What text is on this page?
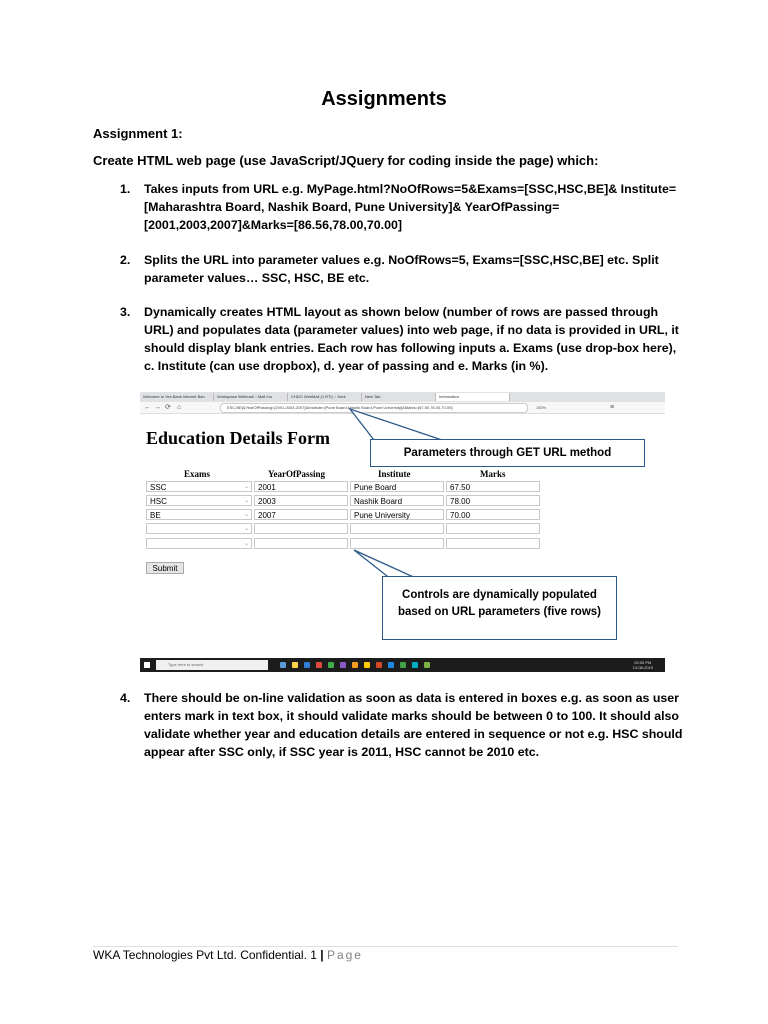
Assignments
Assignment 1:
Create HTML web page (use JavaScript/JQuery for coding inside the page) which:
1. Takes inputs from URL e.g. MyPage.html?NoOfRows=5&Exams=[SSC,HSC,BE]& Institute=[Maharashtra Board, Nashik Board, Pune University]& YearOfPassing=[2001,2003,2007]&Marks=[86.56,78.00,70.00]
2. Splits the URL into parameter values e.g. NoOfRows=5, Exams=[SSC,HSC,BE] etc. Split parameter values… SSC, HSC, BE etc.
3. Dynamically creates HTML layout as shown below (number of rows are passed through URL) and populates data (parameter values) into web page, if no data is provided in URL, it should display blank entries. Each row has following inputs a. Exams (use drop-box here), c. Institute (can use dropbox), d. year of passing and e. Marks (in %).
Welcome to Yes Bank Internet Ban	Workspace Webmail :: Mail Ino	CHDO WebMail (1 RTI) :: Sent	New Tab	Information
← → ⟳ ⌂	ESC,BE]&YearOfPassing=[2001,2003,2007]&Institute=[Pune Board,Nashik Board,Pune University]&Marks=[67.50,78.00,70.00]	150%	≡
Education Details Form
Exams	YearOfPassing	Institute	Marks
SSC	⌄	2001	Pune Board	67.50
HSC	⌄	2003	Nashik Board	78.00
BE	⌄	2007	Pune University	70.00
⌄
⌄
Submit
Parameters through GET URL method
Controls are dynamically populated based on URL parameters (five rows)
Type here to search	03:00 PM
13-08-2019
4. There should be on-line validation as soon as data is entered in boxes e.g. as soon as user enters mark in text box, it should validate marks should be between 0 to 100. It should also validate whether year and education details are entered in sequence or not e.g. HSC should appear after SSC only, if SSC year is 2011, HSC cannot be 2010 etc.
WKA Technologies Pvt Ltd. Confidential. 1 | Page
